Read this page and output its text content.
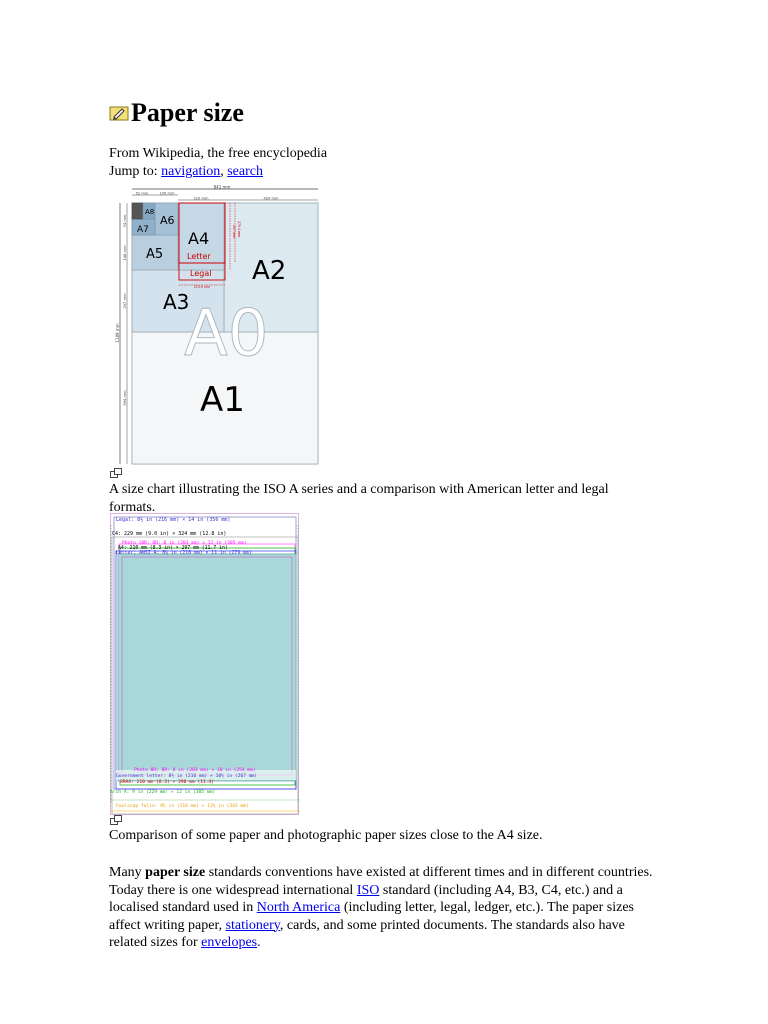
Paper size
From Wikipedia, the free encyclopedia
Jump to: navigation, search
841 mm
52 mm	105 mm
210 mm	420 mm
1189 mm
74 mm
148 mm
297 mm
594 mm
297 mm 279.4 mm
215.9 mm
A0
A1
A2
A3
A4
Letter
Legal
A5
A6
A7
A8
A size chart illustrating the ISO A series and a comparison with American letter and legal formats.
Legal: 8½ in (216 mm) × 14 in (356 mm)
C4: 229 mm (9.0 in) × 324 mm (12.8 in)
Photo 10R; 8R: 8 in (203 mm) × 12 in (305 mm)
A4: 210 mm (8.3 in) × 297 mm (11.7 in)
Letter; ANSI A: 8½ in (216 mm) × 11 in (279 mm)
Photo 8R; 8R: 8 in (203 mm) × 10 in (254 mm)
Government letter: 8½ in (216 mm) × 10½ in (267 mm)
SRA4: 210 mm (8.3) × 290 mm (11.4)
Arch A: 9 in (229 mm) × 12 in (305 mm)
Foolscap folio: 8½ in (216 mm) × 13½ in (343 mm)
Comparison of some paper and photographic paper sizes close to the A4 size.
Many paper size standards conventions have existed at different times and in different countries. Today there is one widespread international ISO standard (including A4, B3, C4, etc.) and a localised standard used in North America (including letter, legal, ledger, etc.). The paper sizes affect writing paper, stationery, cards, and some printed documents. The standards also have related sizes for envelopes.
